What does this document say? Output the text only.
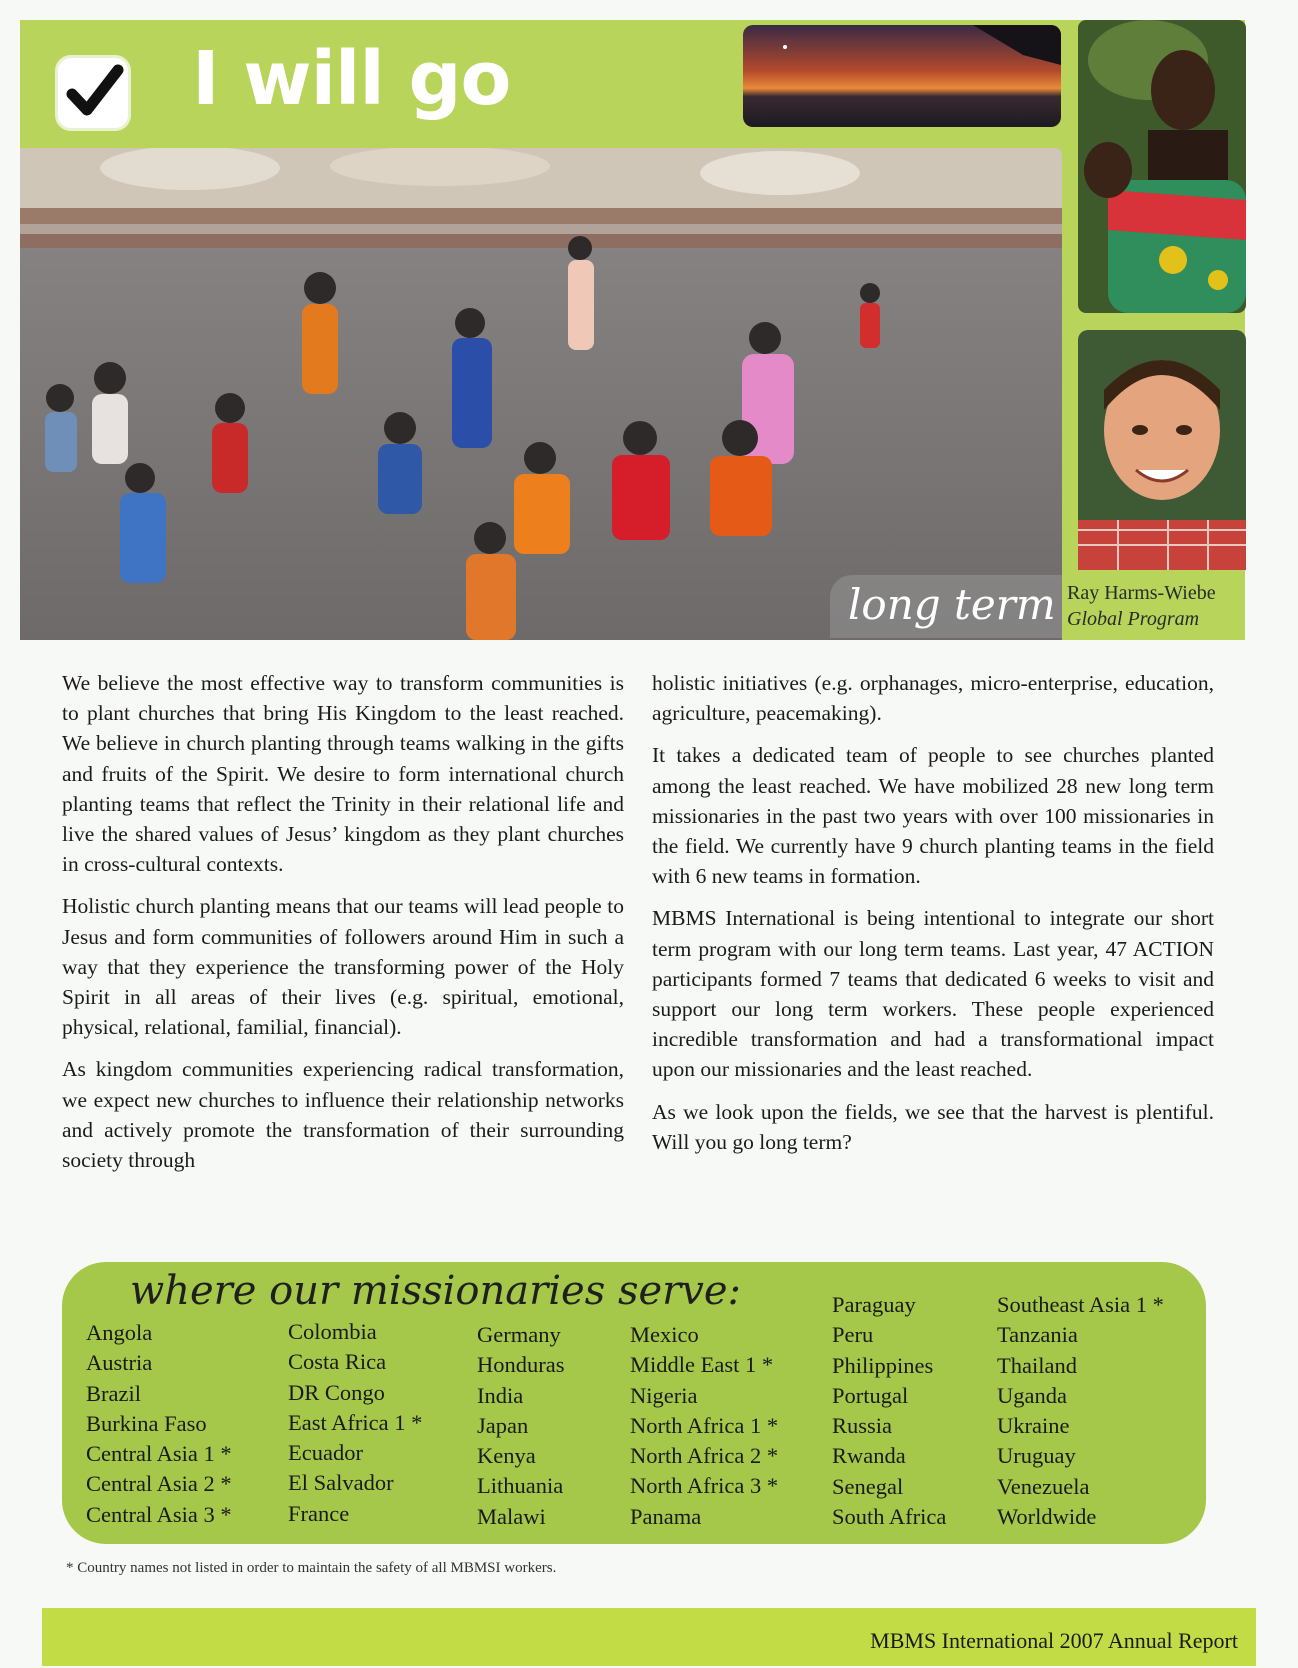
I will go
long term Ray Harms-Wiebe
Global Program

We believe the most effective way to transform communities is to plant churches that bring His Kingdom to the least reached. We believe in church planting through teams walking in the gifts and fruits of the Spirit. We desire to form international church planting teams that reflect the Trinity in their relational life and live the shared values of Jesus’ kingdom as they plant churches in cross-cultural contexts.

Holistic church planting means that our teams will lead people to Jesus and form communities of followers around Him in such a way that they experience the transforming power of the Holy Spirit in all areas of their lives (e.g. spiritual, emotional, physical, relational, familial, financial).

As kingdom communities experiencing radical transformation, we expect new churches to influence their relationship networks and actively promote the transformation of their surrounding society through

holistic initiatives (e.g. orphanages, micro-enterprise, education, agriculture, peacemaking).

It takes a dedicated team of people to see churches planted among the least reached. We have mobilized 28 new long term missionaries in the past two years with over 100 missionaries in the field. We currently have 9 church planting teams in the field with 6 new teams in formation.

MBMS International is being intentional to integrate our short term program with our long term teams. Last year, 47 ACTION participants formed 7 teams that dedicated 6 weeks to visit and support our long term workers. These people experienced incredible transformation and had a transformational impact upon our missionaries and the least reached.

As we look upon the fields, we see that the harvest is plentiful. Will you go long term?

where our missionaries serve:
Angola
Austria
Brazil
Burkina Faso
Central Asia 1 *
Central Asia 2 *
Central Asia 3 *
Colombia
Costa Rica
DR Congo
East Africa 1 *
Ecuador
El Salvador
France
Germany
Honduras
India
Japan
Kenya
Lithuania
Malawi
Mexico
Middle East 1 *
Nigeria
North Africa 1 *
North Africa 2 *
North Africa 3 *
Panama
Paraguay
Peru
Philippines
Portugal
Russia
Rwanda
Senegal
South Africa
Southeast Asia 1 *
Tanzania
Thailand
Uganda
Ukraine
Uruguay
Venezuela
Worldwide
* Country names not listed in order to maintain the safety of all MBMSI workers.
MBMS International 2007 Annual Report
